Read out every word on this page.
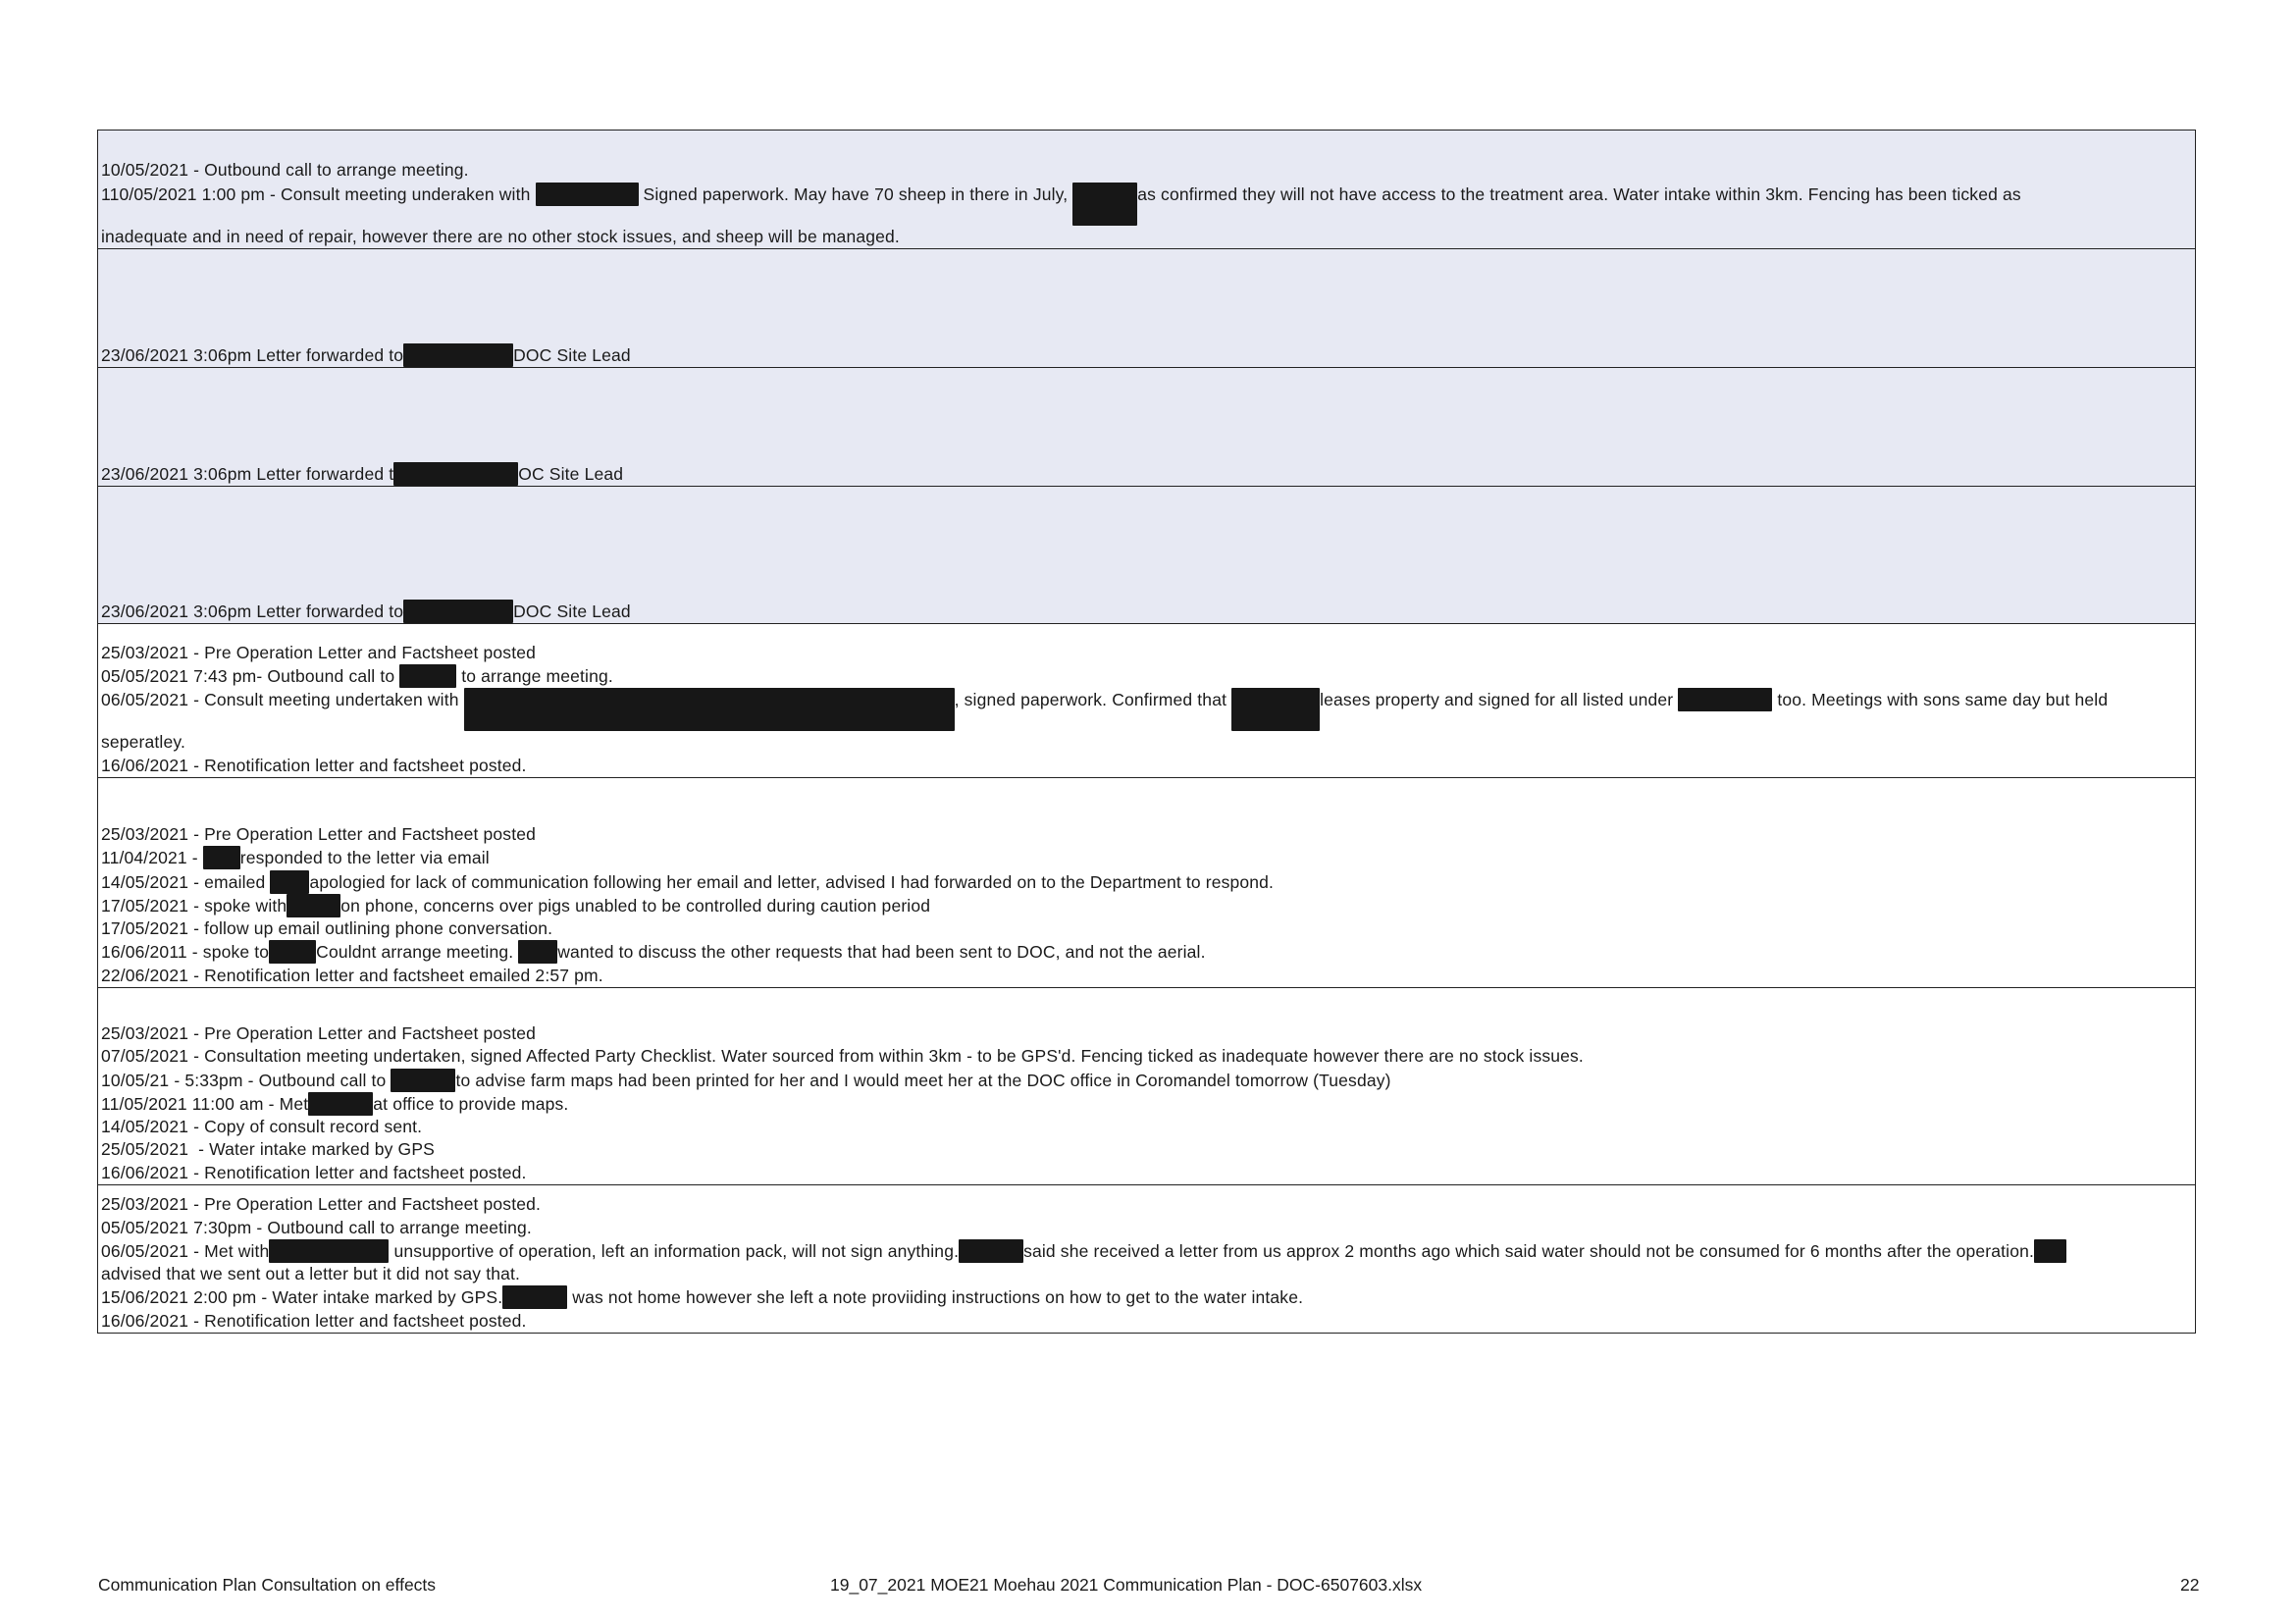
10/05/2021 - Outbound call to arrange meeting.
110/05/2021 1:00 pm - Consult meeting underaken with	Signed paperwork. May have 70 sheep in there in July,	as confirmed they will not have access to the treatment area. Water intake within 3km. Fencing has been ticked as
inadequate and in need of repair, however there are no other stock issues, and sheep will be managed.
23/06/2021 3:06pm Letter forwarded to	DOC Site Lead
23/06/2021 3:06pm Letter forwarded t	OC Site Lead
23/06/2021 3:06pm Letter forwarded to	DOC Site Lead
25/03/2021 - Pre Operation Letter and Factsheet posted
05/05/2021 7:43 pm- Outbound call to	to arrange meeting.
06/05/2021 - Consult meeting undertaken with	, signed paperwork. Confirmed that	leases property and signed for all listed under	too. Meetings with sons same day but held
seperatley.
16/06/2021 - Renotification letter and factsheet posted.
25/03/2021 - Pre Operation Letter and Factsheet posted
11/04/2021 - responded to the letter via email
14/05/2021 - emailed apologied for lack of communication following her email and letter, advised I had forwarded on to the Department to respond.
17/05/2021 - spoke with	on phone, concerns over pigs unabled to be controlled during caution period
17/05/2021 - follow up email outlining phone conversation.
16/06/2011 - spoke to	Couldnt arrange meeting. wanted to discuss the other requests that had been sent to DOC, and not the aerial.
22/06/2021 - Renotification letter and factsheet emailed 2:57 pm.
25/03/2021 - Pre Operation Letter and Factsheet posted
07/05/2021 - Consultation meeting undertaken, signed Affected Party Checklist. Water sourced from within 3km - to be GPS'd. Fencing ticked as inadequate however there are no stock issues.
10/05/21 - 5:33pm - Outbound call to	to advise farm maps had been printed for her and I would meet her at the DOC office in Coromandel tomorrow (Tuesday)
11/05/2021 11:00 am - Met	at office to provide maps.
14/05/2021 - Copy of consult record sent.
25/05/2021  - Water intake marked by GPS
16/06/2021 - Renotification letter and factsheet posted.
25/03/2021 - Pre Operation Letter and Factsheet posted.
05/05/2021 7:30pm - Outbound call to arrange meeting.
06/05/2021 - Met with	unsupportive of operation, left an information pack, will not sign anything.	said she received a letter from us approx 2 months ago which said water should not be consumed for 6 months after the operation.
advised that we sent out a letter but it did not say that.
15/06/2021 2:00 pm - Water intake marked by GPS.	was not home however she left a note proviiding instructions on how to get to the water intake.
16/06/2021 - Renotification letter and factsheet posted.
Communication Plan Consultation on effects	19_07_2021 MOE21 Moehau 2021 Communication Plan - DOC-6507603.xlsx	22
